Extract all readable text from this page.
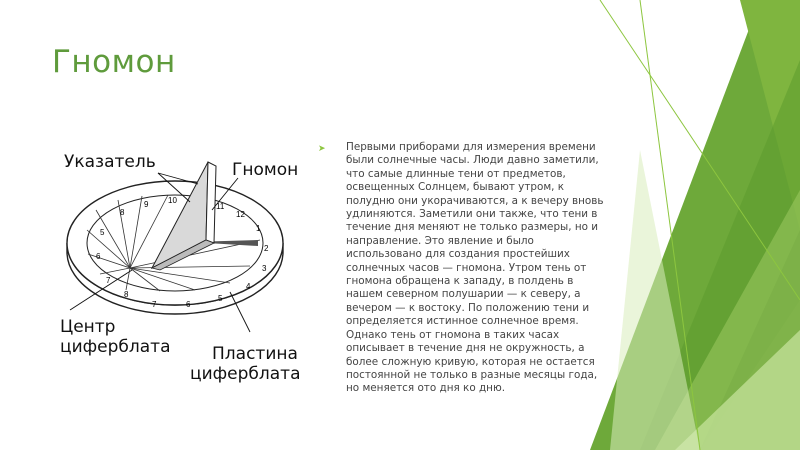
Гномон
➤ Первыми приборами для измерения времени
были солнечные часы. Люди давно заметили,
что самые длинные тени от предметов,
освещенных Солнцем, бывают утром, к
полудню они укорачиваются, а к вечеру вновь
удлиняются. Заметили они также, что тени в
течение дня меняют не только размеры, но и
направление. Это явление и было
использовано для создания простейших
солнечных часов — гномона. Утром тень от
гномона обращена к западу, в полдень в
нашем северном полушарии — к северу, а
вечером — к востоку. По положению тени и
определяется истинное солнечное время.
Однако тень от гномона в таких часах
описывает в течение дня не окружность, а
более сложную кривую, которая не остается
постоянной не только в разные месяцы года,
но меняется ото дня ко дню.
Указатель	Гномон
Центр
циферблата Пластина
циферблата
8
9 10
11
12
1
2
3
4
5
6
7
8
7
6
5
